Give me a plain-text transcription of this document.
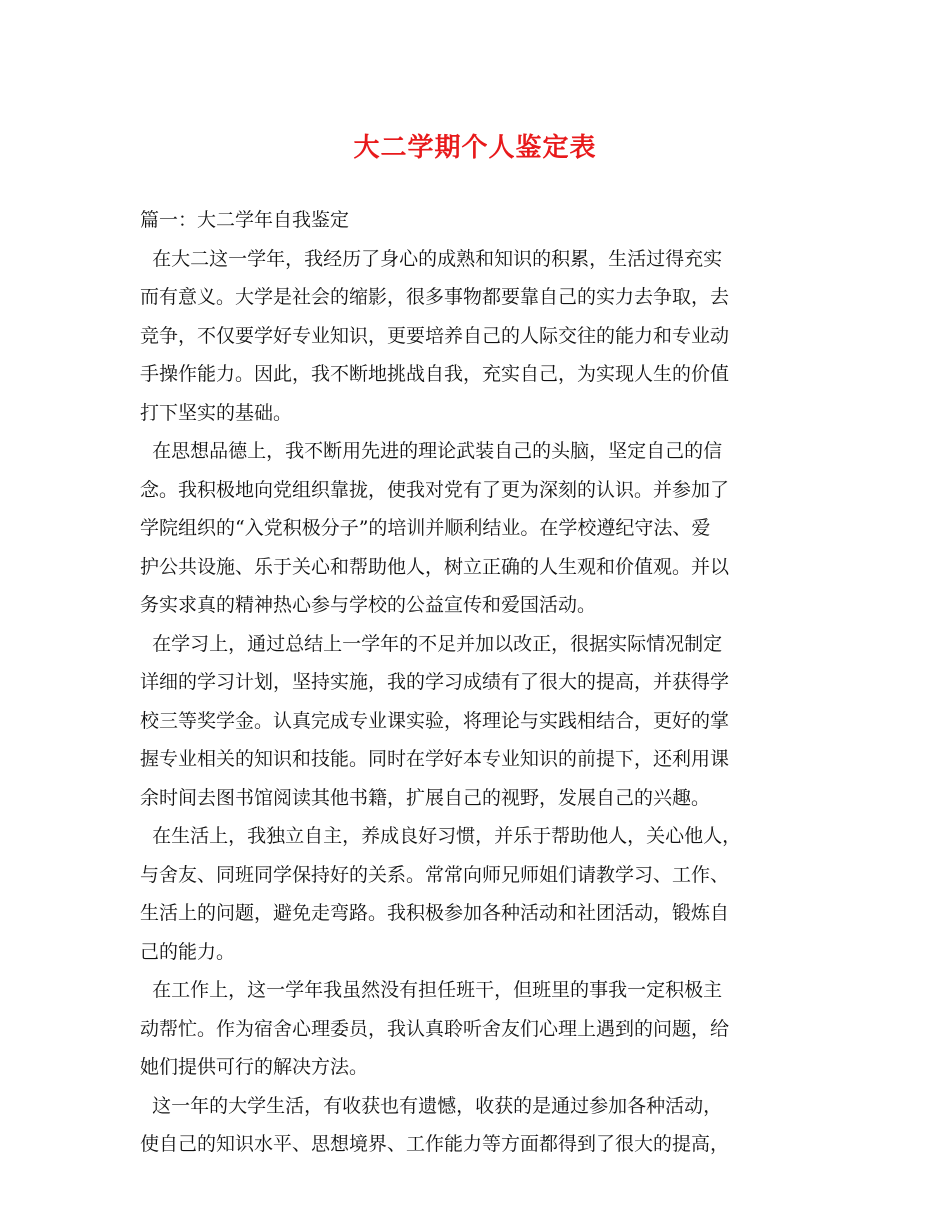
大二学期个人鉴定表
篇一：大二学年自我鉴定
在大二这一学年，我经历了身心的成熟和知识的积累，生活过得充实
而有意义。大学是社会的缩影，很多事物都要靠自己的实力去争取，去
竞争，不仅要学好专业知识，更要培养自己的人际交往的能力和专业动
手操作能力。因此，我不断地挑战自我，充实自己，为实现人生的价值
打下坚实的基础。
在思想品德上，我不断用先进的理论武装自己的头脑，坚定自己的信
念。我积极地向党组织靠拢，使我对党有了更为深刻的认识。并参加了
学院组织的“入党积极分子”的培训并顺利结业。在学校遵纪守法、爱
护公共设施、乐于关心和帮助他人，树立正确的人生观和价值观。并以
务实求真的精神热心参与学校的公益宣传和爱国活动。
在学习上，通过总结上一学年的不足并加以改正，很据实际情况制定
详细的学习计划，坚持实施，我的学习成绩有了很大的提高，并获得学
校三等奖学金。认真完成专业课实验，将理论与实践相结合，更好的掌
握专业相关的知识和技能。同时在学好本专业知识的前提下，还利用课
余时间去图书馆阅读其他书籍，扩展自己的视野，发展自己的兴趣。
在生活上，我独立自主，养成良好习惯，并乐于帮助他人，关心他人，
与舍友、同班同学保持好的关系。常常向师兄师姐们请教学习、工作、
生活上的问题，避免走弯路。我积极参加各种活动和社团活动，锻炼自
己的能力。
在工作上，这一学年我虽然没有担任班干，但班里的事我一定积极主
动帮忙。作为宿舍心理委员，我认真聆听舍友们心理上遇到的问题，给
她们提供可行的解决方法。
这一年的大学生活，有收获也有遗憾，收获的是通过参加各种活动，
使自己的知识水平、思想境界、工作能力等方面都得到了很大的提高，
